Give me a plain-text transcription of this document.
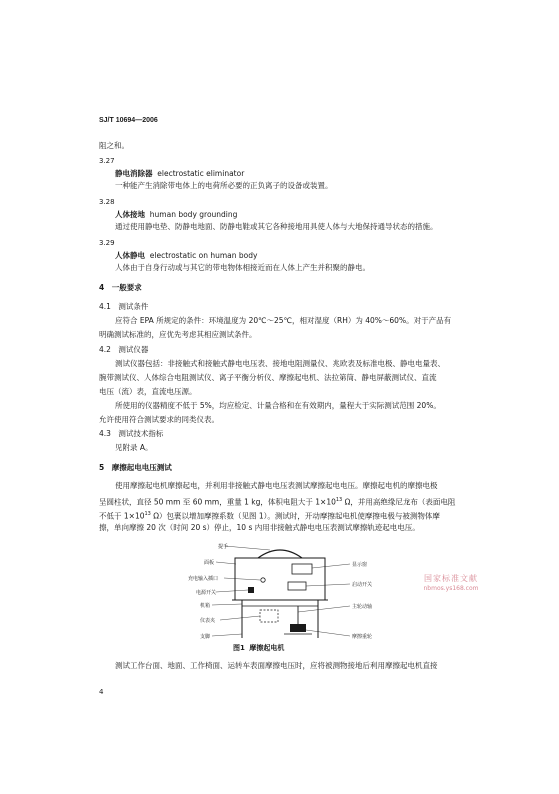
SJ/T 10694—2006
阻之和。
3.27
静电消除器 electrostatic eliminator
一种能产生消除带电体上的电荷所必要的正负离子的设备或装置。
3.28
人体接地 human body grounding
通过使用静电垫、防静电地面、防静电鞋或其它各种接地用具使人体与大地保持通导状态的措施。
3.29
人体静电 electrostatic on human body
人体由于自身行动或与其它的带电物体相接近而在人体上产生并积聚的静电。
4　一般要求
4.1　测试条件
应符合 EPA 所规定的条件：环境温度为 20℃～25℃，相对湿度（RH）为 40%～60%。对于产品有
明确测试标准的，应优先考虑其相应测试条件。
4.2　测试仪器
测试仪器包括：非接触式和接触式静电电压表、接地电阻测量仪、兆欧表及标准电极、静电电量表、
腕带测试仪、人体综合电阻测试仪、离子平衡分析仪、摩擦起电机、法拉第筒、静电屏蔽测试仪、直流
电压（流）表，直流电压源。
所使用的仪器精度不低于 5%，均应检定、计量合格和在有效期内，量程大于实际测试范围 20%。
允许使用符合测试要求的同类仪表。
4.3　测试技术指标
见附录 A。
5　摩擦起电电压测试
使用摩擦起电机摩擦起电，并利用非接触式静电电压表测试摩擦起电电压。摩擦起电机的摩擦电极
呈圆柱状，直径 50 mm 至 60 mm，重量 1 kg，体积电阻大于 $1\times 10^{13}$ Ω，并用高绝缘尼龙布（表面电阻
不低于 $1\times 10^{13}$ Ω）包裹以增加摩擦系数（见图 1）。测试时，开动摩擦起电机使摩擦电极与被测物体摩
擦，单向摩擦 20 次（时间 20 s）停止，10 s 内用非接触式静电电压表测试摩擦轨迹起电电压。
提手
面板
充电输入插口
电源开关
机箱
仪表夹
支脚
显示窗
启动开关
主轮动轴
摩擦重轮
国家标准文献
nbmos.ys168.com
图1 摩擦起电机
测试工作台面、地面、工作椅面、运转车表面摩擦电压时，应将被测物接地后利用摩擦起电机直接
4
